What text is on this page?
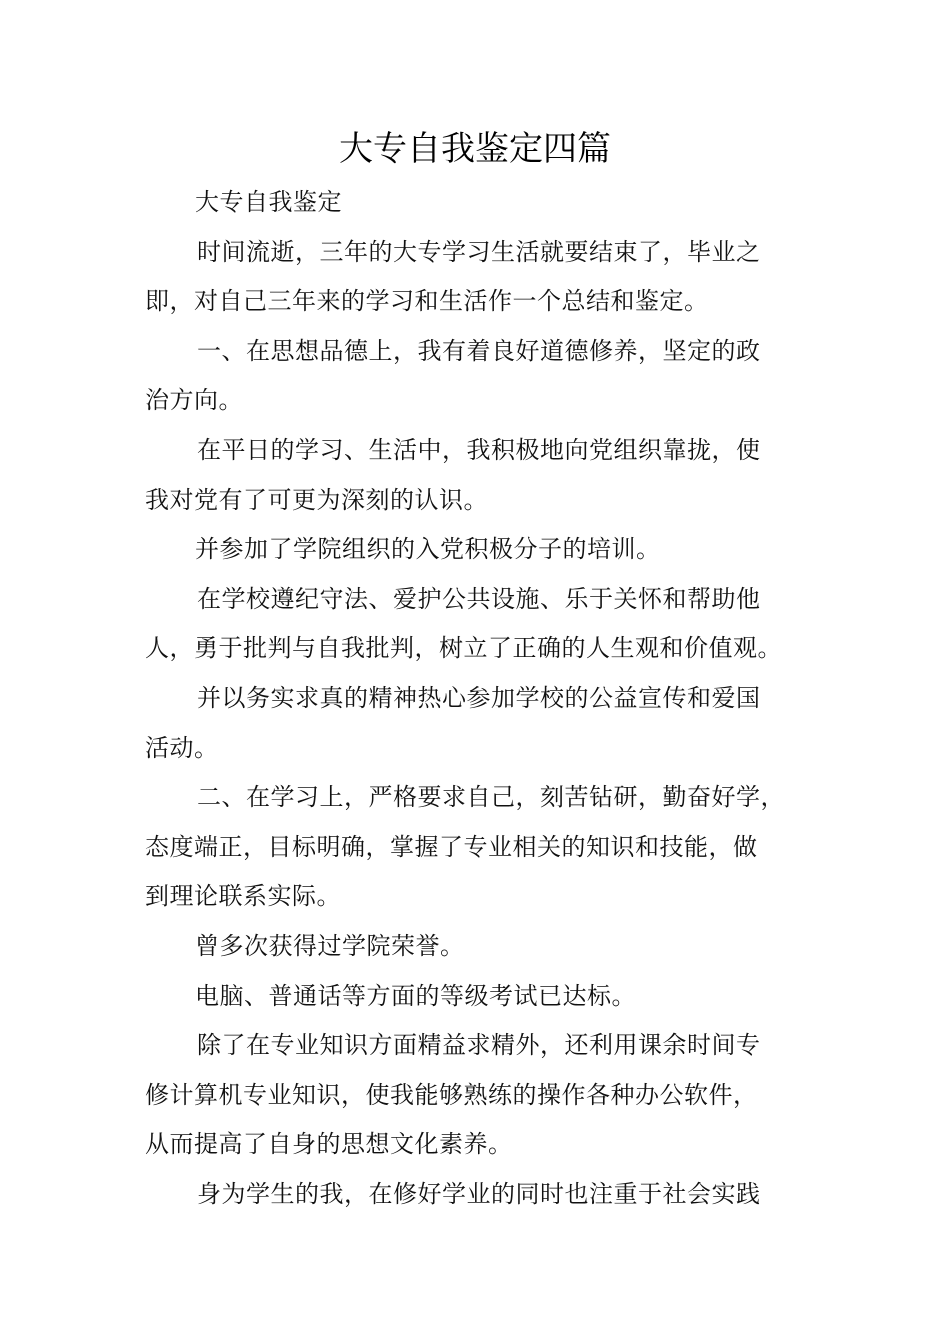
大专自我鉴定四篇
大专自我鉴定
时间流逝，三年的大专学习生活就要结束了，毕业之
即，对自己三年来的学习和生活作一个总结和鉴定。
一、在思想品德上，我有着良好道德修养，坚定的政
治方向。
在平日的学习、生活中，我积极地向党组织靠拢，使
我对党有了可更为深刻的认识。
并参加了学院组织的入党积极分子的培训。
在学校遵纪守法、爱护公共设施、乐于关怀和帮助他
人，勇于批判与自我批判，树立了正确的人生观和价值观。
并以务实求真的精神热心参加学校的公益宣传和爱国
活动。
二、在学习上，严格要求自己，刻苦钻研，勤奋好学，
态度端正，目标明确，掌握了专业相关的知识和技能，做
到理论联系实际。
曾多次获得过学院荣誉。
电脑、普通话等方面的等级考试已达标。
除了在专业知识方面精益求精外，还利用课余时间专
修计算机专业知识，使我能够熟练的操作各种办公软件，
从而提高了自身的思想文化素养。
身为学生的我，在修好学业的同时也注重于社会实践
